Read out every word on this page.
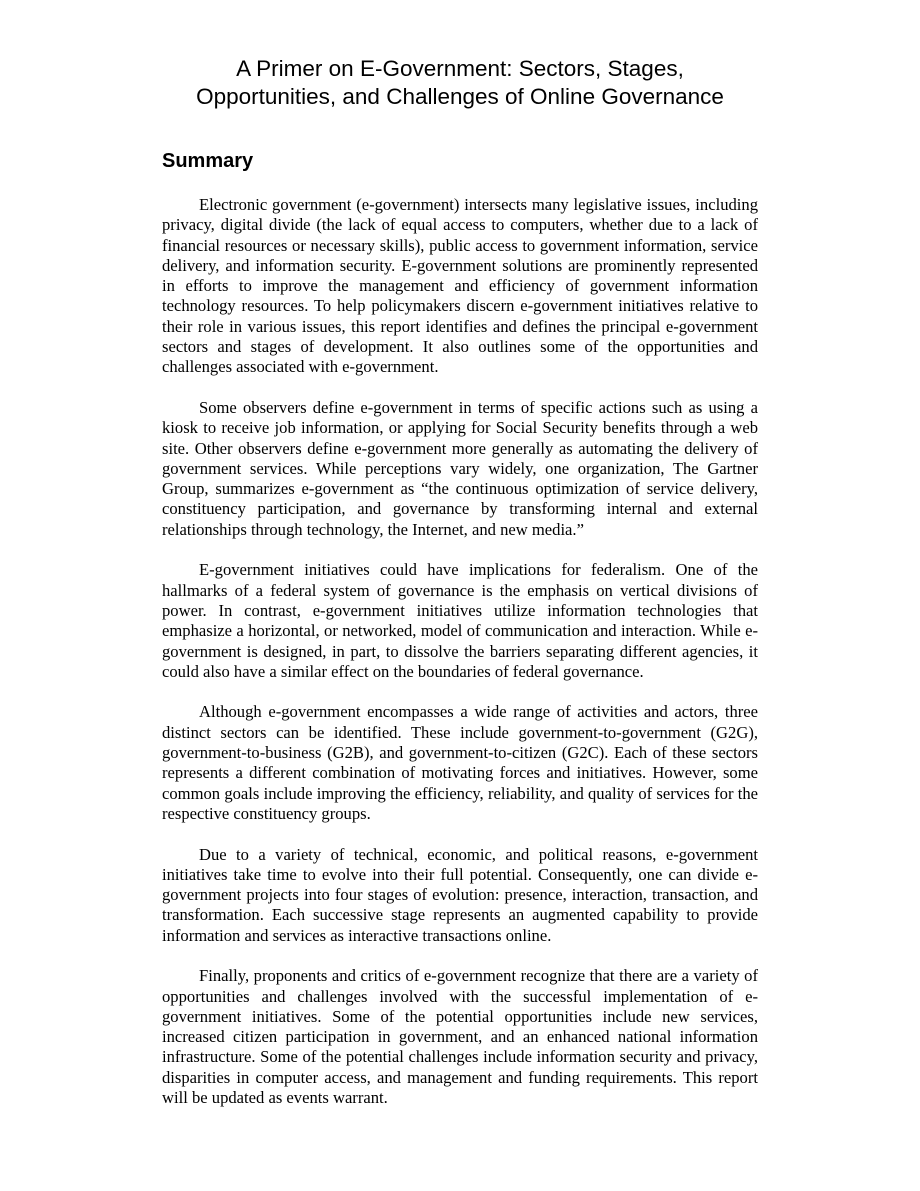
A Primer on E-Government: Sectors, Stages,
Opportunities, and Challenges of Online Governance
Summary

Electronic government (e-government) intersects many legislative issues, including privacy, digital divide (the lack of equal access to computers, whether due to a lack of financial resources or necessary skills), public access to government information, service delivery, and information security. E-government solutions are prominently represented in efforts to improve the management and efficiency of government information technology resources. To help policymakers discern e-government initiatives relative to their role in various issues, this report identifies and defines the principal e-government sectors and stages of development. It also outlines some of the opportunities and challenges associated with e-government.

Some observers define e-government in terms of specific actions such as using a kiosk to receive job information, or applying for Social Security benefits through a web site. Other observers define e-government more generally as automating the delivery of government services. While perceptions vary widely, one organization, The Gartner Group, summarizes e-government as “the continuous optimization of service delivery, constituency participation, and governance by transforming internal and external relationships through technology, the Internet, and new media.”

E-government initiatives could have implications for federalism. One of the hallmarks of a federal system of governance is the emphasis on vertical divisions of power. In contrast, e-government initiatives utilize information technologies that emphasize a horizontal, or networked, model of communication and interaction. While e-government is designed, in part, to dissolve the barriers separating different agencies, it could also have a similar effect on the boundaries of federal governance.

Although e-government encompasses a wide range of activities and actors, three distinct sectors can be identified. These include government-to-government (G2G), government-to-business (G2B), and government-to-citizen (G2C). Each of these sectors represents a different combination of motivating forces and initiatives. However, some common goals include improving the efficiency, reliability, and quality of services for the respective constituency groups.

Due to a variety of technical, economic, and political reasons, e-government initiatives take time to evolve into their full potential. Consequently, one can divide e-government projects into four stages of evolution: presence, interaction, transaction, and transformation. Each successive stage represents an augmented capability to provide information and services as interactive transactions online.

Finally, proponents and critics of e-government recognize that there are a variety of opportunities and challenges involved with the successful implementation of e-government initiatives. Some of the potential opportunities include new services, increased citizen participation in government, and an enhanced national information infrastructure. Some of the potential challenges include information security and privacy, disparities in computer access, and management and funding requirements. This report will be updated as events warrant.
